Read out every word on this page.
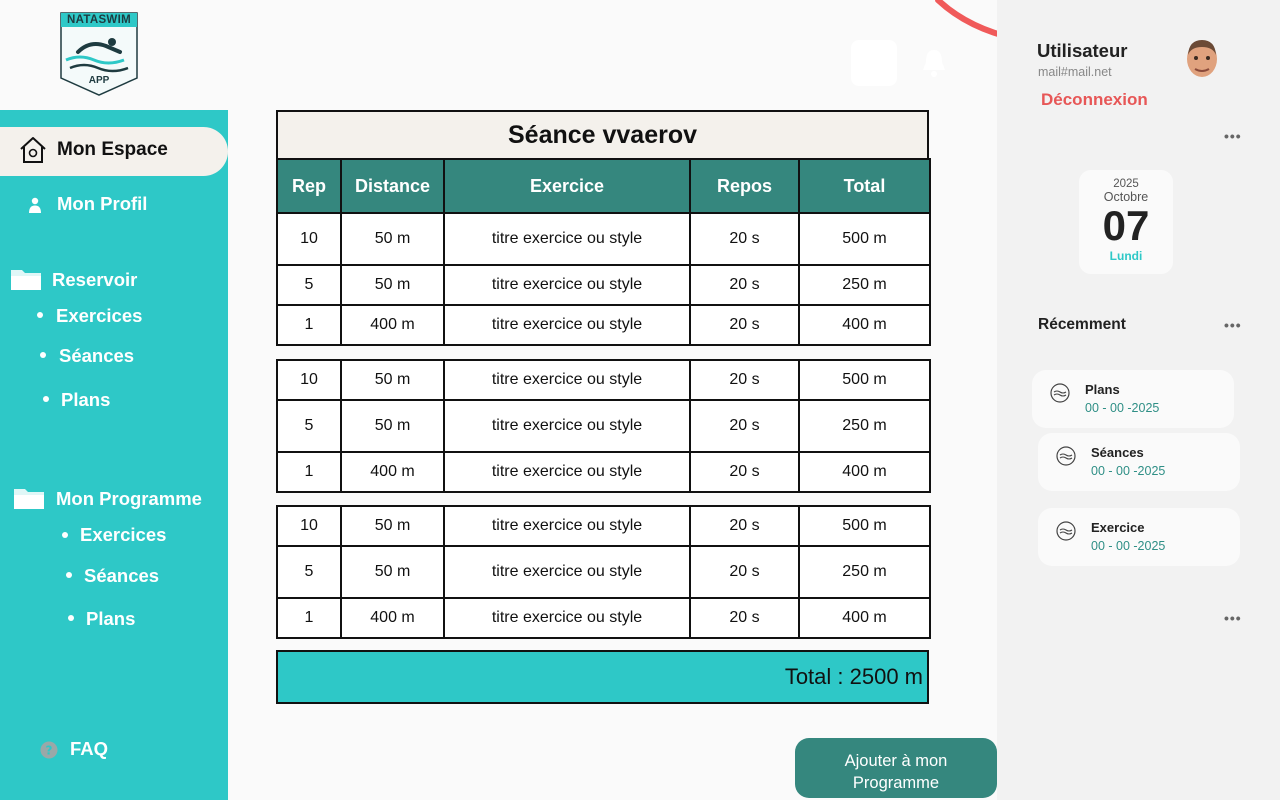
NATASWIM
APP
Mon Espace
Mon Profil
Reservoir
Exercices
Séances
Plans
Mon Programme
Exercices
Séances
Plans
? FAQ
Séance vvaerov
Rep	Distance	Exercice	Repos	Total
10	50 m	titre exercice ou style	20 s	500 m
5	50 m	titre exercice ou style	20 s	250 m
1	400 m	titre exercice ou style	20 s	400 m
10	50 m	titre exercice ou style	20 s	500 m
5	50 m	titre exercice ou style	20 s	250 m
1	400 m	titre exercice ou style	20 s	400 m
10	50 m	titre exercice ou style	20 s	500 m
5	50 m	titre exercice ou style	20 s	250 m
1	400 m	titre exercice ou style	20 s	400 m
Total : 2500 m
Ajouter à mon
Programme
Utilisateur
mail#mail.net
Déconnexion
•••
2025
Octobre
07
Lundi
Récemment	•••
Plans
00 - 00 -2025
Séances
00 - 00 -2025
Exercice
00 - 00 -2025
•••
